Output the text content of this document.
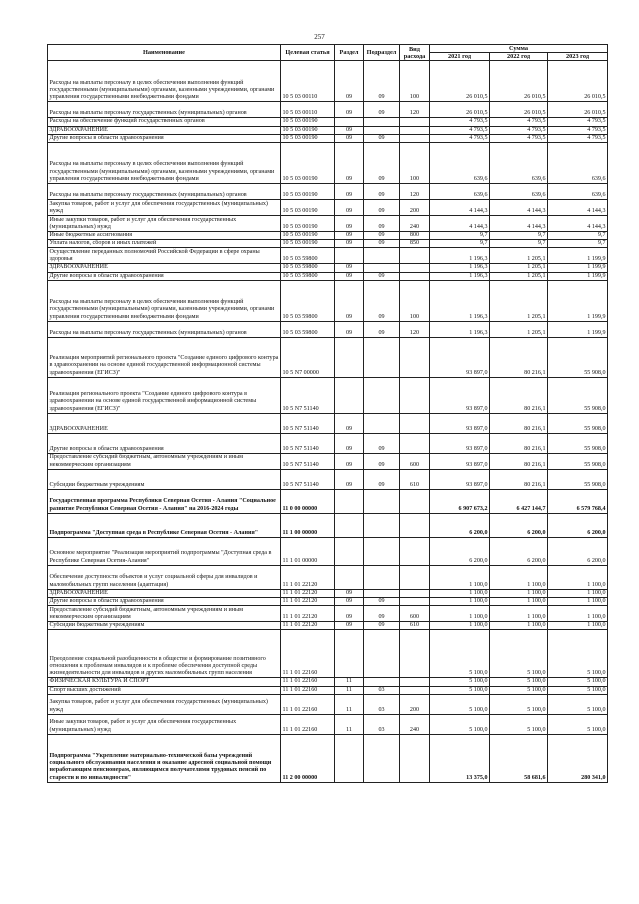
257
Наименование	Целевая статья	Раздел	Подраздел	Вид расхода	Сумма		
					2021 год	2022 год	2023 год
Расходы на выплаты персоналу в целях обеспечения выполнения функций государственными (муниципальными) органами, казенными учреждениями, органами управления государственными внебюджетными фондами	10 5 03 00110	09	09	100	26 010,5	26 010,5	26 010,5
Расходы на выплаты персоналу государственных (муниципальных) органов	10 5 03 00110	09	09	120	26 010,5	26 010,5	26 010,5
Расходы на обеспечение функций государственных органов	10 5 03 00190				4 793,5	4 793,5	4 793,5
ЗДРАВООХРАНЕНИЕ	10 5 03 00190	09			4 793,5	4 793,5	4 793,5
Другие вопросы в области здравоохранения	10 5 03 00190	09	09		4 793,5	4 793,5	4 793,5
Расходы на выплаты персоналу в целях обеспечения выполнения функций государственными (муниципальными) органами, казенными учреждениями, органами управления государственными внебюджетными фондами	10 5 03 00190	09	09	100	639,6	639,6	639,6
Расходы на выплаты персоналу государственных (муниципальных) органов	10 5 03 00190	09	09	120	639,6	639,6	639,6
Закупка товаров, работ и услуг для обеспечения государственных (муниципальных) нужд	10 5 03 00190	09	09	200	4 144,3	4 144,3	4 144,3
Иные закупки товаров, работ и услуг для обеспечения государственных (муниципальных) нужд	10 5 03 00190	09	09	240	4 144,3	4 144,3	4 144,3
Иные бюджетные ассигнования	10 5 03 00190	09	09	800	9,7	9,7	9,7
Уплата налогов, сборов и иных платежей	10 5 03 00190	09	09	850	9,7	9,7	9,7
Осуществление переданных полномочий Российской Федерации в сфере охраны здоровья	10 5 03 59800				1 196,3	1 205,1	1 199,9
ЗДРАВООХРАНЕНИЕ	10 5 03 59800	09			1 196,3	1 205,1	1 199,9
Другие вопросы в области здравоохранения	10 5 03 59800	09	09		1 196,3	1 205,1	1 199,9
Расходы на выплаты персоналу в целях обеспечения выполнения функций государственными (муниципальными) органами, казенными учреждениями, органами управления государственными внебюджетными фондами	10 5 03 59800	09	09	100	1 196,3	1 205,1	1 199,9
Расходы на выплаты персоналу государственных (муниципальных) органов	10 5 03 59800	09	09	120	1 196,3	1 205,1	1 199,9
Реализация мероприятий регионального проекта "Создание единого цифрового контура в здравоохранении на основе единой государственной информационной системы здравоохранения (ЕГИСЗ)"	10 5 N7 00000				93 897,0	80 216,1	55 908,0
Реализация регионального проекта "Создание единого цифрового контура в здравоохранении на основе единой государственной информационной системы здравоохранения (ЕГИСЗ)"	10 5 N7 51140				93 897,0	80 216,1	55 908,0
ЗДРАВООХРАНЕНИЕ	10 5 N7 51140	09			93 897,0	80 216,1	55 908,0
Другие вопросы в области здравоохранения	10 5 N7 51140	09	09		93 897,0	80 216,1	55 908,0
Предоставление субсидий бюджетным, автономным учреждениям и иным некоммерческим организациям	10 5 N7 51140	09	09	600	93 897,0	80 216,1	55 908,0
Субсидии бюджетным учреждениям	10 5 N7 51140	09	09	610	93 897,0	80 216,1	55 908,0
Государственная программа Республики Северная Осетия - Алания "Социальное развитие Республики Северная Осетия - Алания" на 2016-2024 годы	11 0 00 00000				6 907 673,2	6 427 144,7	6 579 768,4
Подпрограмма "Доступная среда в Республике Северная Осетия - Алания"	11 1 00 00000				6 200,0	6 200,0	6 200,0
Основное мероприятие "Реализация мероприятий подпрограммы "Доступная среда в Республике Северная Осетия-Алания"	11 1 01 00000				6 200,0	6 200,0	6 200,0
Обеспечение доступности объектов и услуг социальной сферы для инвалидов и маломобильных групп населения (адаптация)	11 1 01 22120				1 100,0	1 100,0	1 100,0
ЗДРАВООХРАНЕНИЕ	11 1 01 22120	09			1 100,0	1 100,0	1 100,0
Другие вопросы в области здравоохранения	11 1 01 22120	09	09		1 100,0	1 100,0	1 100,0
Предоставление субсидий бюджетным, автономным учреждениям и иным некоммерческим организациям	11 1 01 22120	09	09	600	1 100,0	1 100,0	1 100,0
Субсидии бюджетным учреждениям	11 1 01 22120	09	09	610	1 100,0	1 100,0	1 100,0
Преодоление социальной разобщенности в обществе и формирование позитивного отношения к проблемам инвалидов и к проблеме обеспечения доступной среды жизнедеятельности для инвалидов и других маломобильных групп населения	11 1 01 22160				5 100,0	5 100,0	5 100,0
ФИЗИЧЕСКАЯ КУЛЬТУРА И СПОРТ	11 1 01 22160	11			5 100,0	5 100,0	5 100,0
Спорт высших достижений	11 1 01 22160	11	03		5 100,0	5 100,0	5 100,0
Закупка товаров, работ и услуг для обеспечения государственных (муниципальных) нужд	11 1 01 22160	11	03	200	5 100,0	5 100,0	5 100,0
Иные закупки товаров, работ и услуг для обеспечения государственных (муниципальных) нужд	11 1 01 22160	11	03	240	5 100,0	5 100,0	5 100,0
Подпрограмма "Укрепление материально-технической базы учреждений социального обслуживания населения и оказание адресной социальной помощи неработающим пенсионерам, являющимся получателями трудовых пенсий по старости и по инвалидности"	11 2 00 00000				13 375,0	58 681,6	280 341,0
